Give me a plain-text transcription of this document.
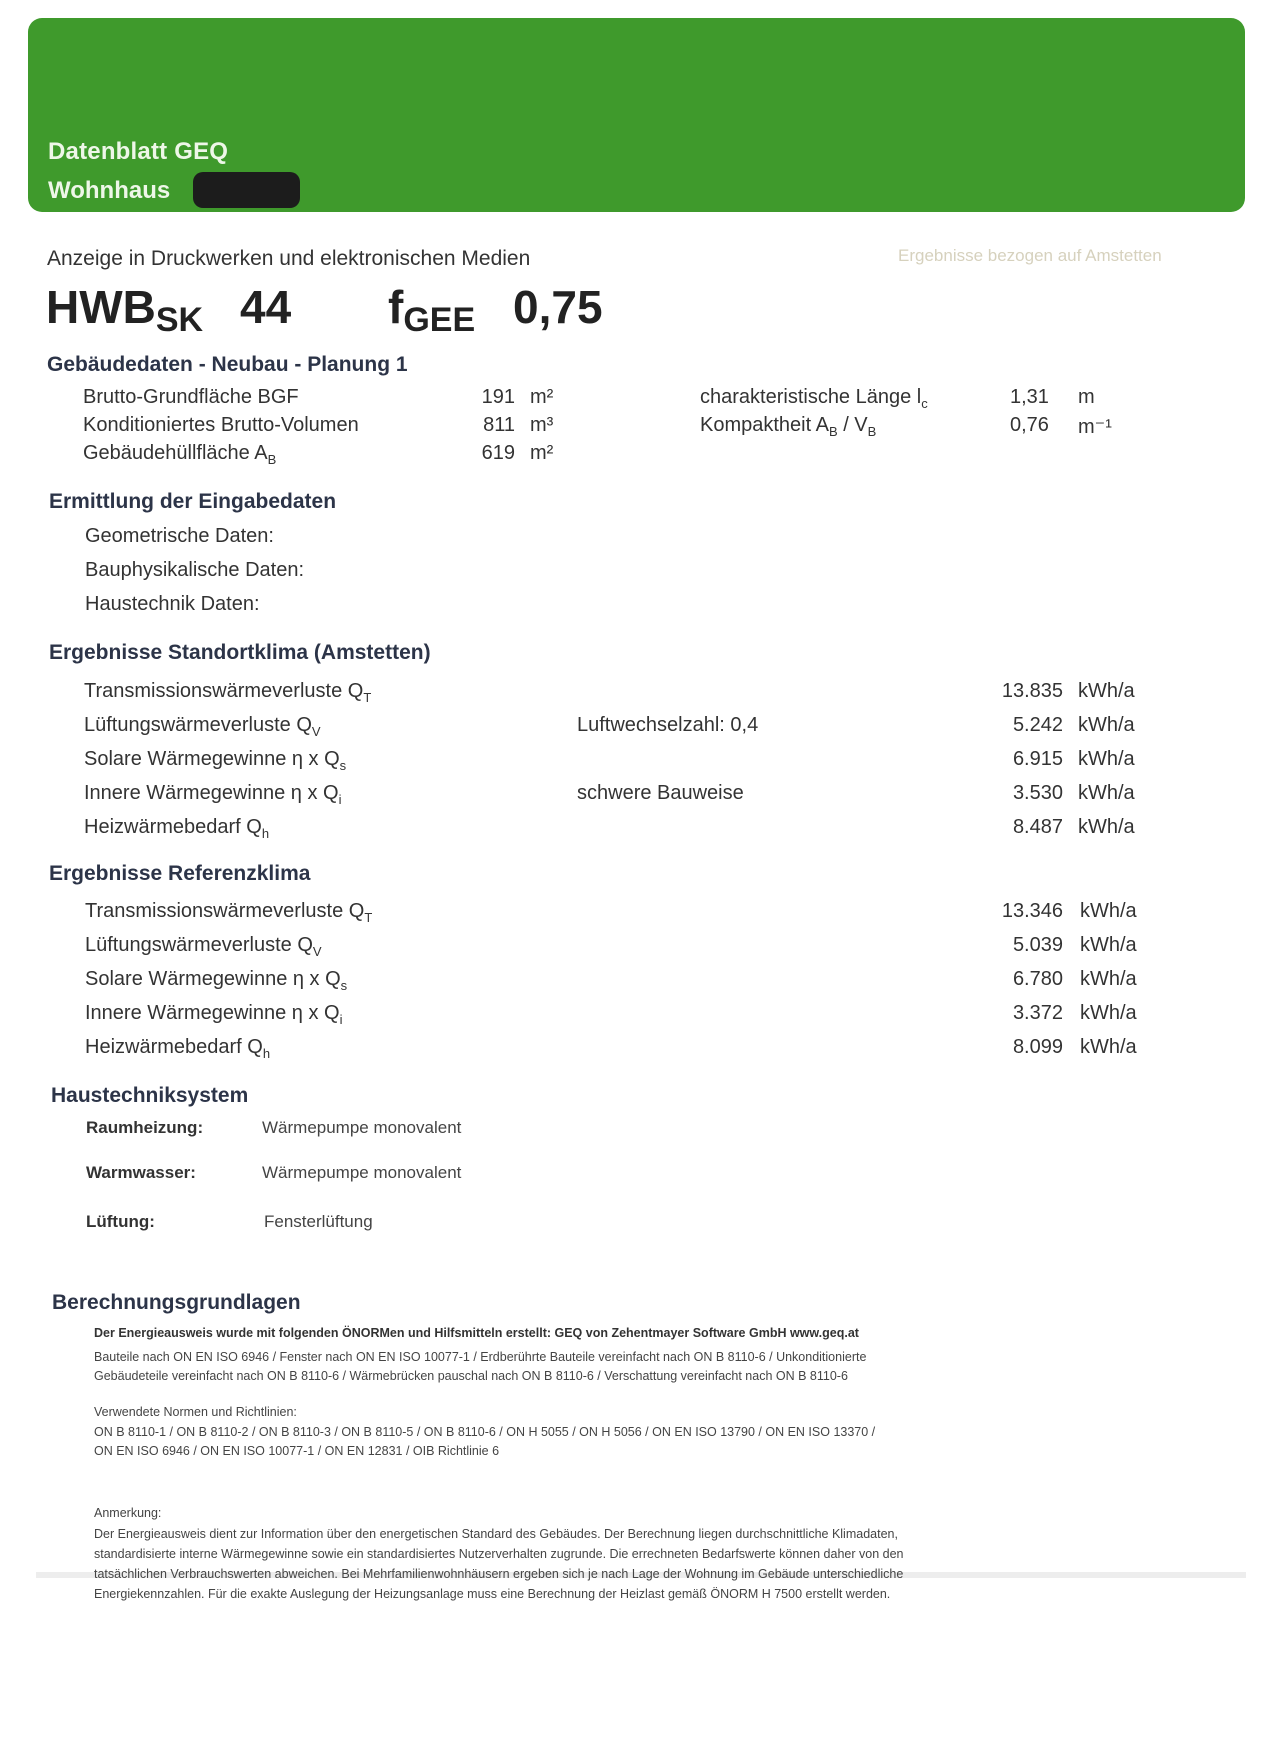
Datenblatt GEQ
Wohnhaus
Ergebnisse bezogen auf Amstetten
Anzeige in Druckwerken und elektronischen Medien
HWBSK 44 fGEE 0,75
Gebäudedaten - Neubau - Planung 1
Brutto-Grundfläche BGF	191 m²
Konditioniertes Brutto-Volumen	811 m³
Gebäudehüllfläche $A_B$	619 m²
charakteristische Länge $l_c$	1,31 m
Kompaktheit $A_B / V_B$	0,76 m⁻¹
Ermittlung der Eingabedaten
Geometrische Daten:
Bauphysikalische Daten:
Haustechnik Daten:
Ergebnisse Standortklima (Amstetten)
Transmissionswärmeverluste $Q_T$	13.835 kWh/a
Lüftungswärmeverluste $Q_V$	Luftwechselzahl: 0,4	5.242 kWh/a
Solare Wärmegewinne η x $Q_s$	6.915 kWh/a
Innere Wärmegewinne η x $Q_i$	schwere Bauweise	3.530 kWh/a
Heizwärmebedarf $Q_h$	8.487 kWh/a
Ergebnisse Referenzklima
Transmissionswärmeverluste $Q_T$	13.346 kWh/a
Lüftungswärmeverluste $Q_V$	5.039 kWh/a
Solare Wärmegewinne η x $Q_s$	6.780 kWh/a
Innere Wärmegewinne η x $Q_i$	3.372 kWh/a
Heizwärmebedarf $Q_h$	8.099 kWh/a
Haustechniksystem
Raumheizung:	Wärmepumpe monovalent
Warmwasser:	Wärmepumpe monovalent
Lüftung:	Fensterlüftung
Berechnungsgrundlagen
Der Energieausweis wurde mit folgenden ÖNORMen und Hilfsmitteln erstellt: GEQ von Zehentmayer Software GmbH www.geq.at
Bauteile nach ON EN ISO 6946 / Fenster nach ON EN ISO 10077-1 / Erdberührte Bauteile vereinfacht nach ON B 8110-6 / Unkonditionierte
Gebäudeteile vereinfacht nach ON B 8110-6 / Wärmebrücken pauschal nach ON B 8110-6 / Verschattung vereinfacht nach ON B 8110-6
Verwendete Normen und Richtlinien:
ON B 8110-1 / ON B 8110-2 / ON B 8110-3 / ON B 8110-5 / ON B 8110-6 / ON H 5055 / ON H 5056 / ON EN ISO 13790 / ON EN ISO 13370 /
ON EN ISO 6946 / ON EN ISO 10077-1 / ON EN 12831 / OIB Richtlinie 6
Anmerkung:
Der Energieausweis dient zur Information über den energetischen Standard des Gebäudes. Der Berechnung liegen durchschnittliche Klimadaten,
standardisierte interne Wärmegewinne sowie ein standardisiertes Nutzerverhalten zugrunde. Die errechneten Bedarfswerte können daher von den
tatsächlichen Verbrauchswerten abweichen. Bei Mehrfamilienwohnhäusern ergeben sich je nach Lage der Wohnung im Gebäude unterschiedliche
Energiekennzahlen. Für die exakte Auslegung der Heizungsanlage muss eine Berechnung der Heizlast gemäß ÖNORM H 7500 erstellt werden.
